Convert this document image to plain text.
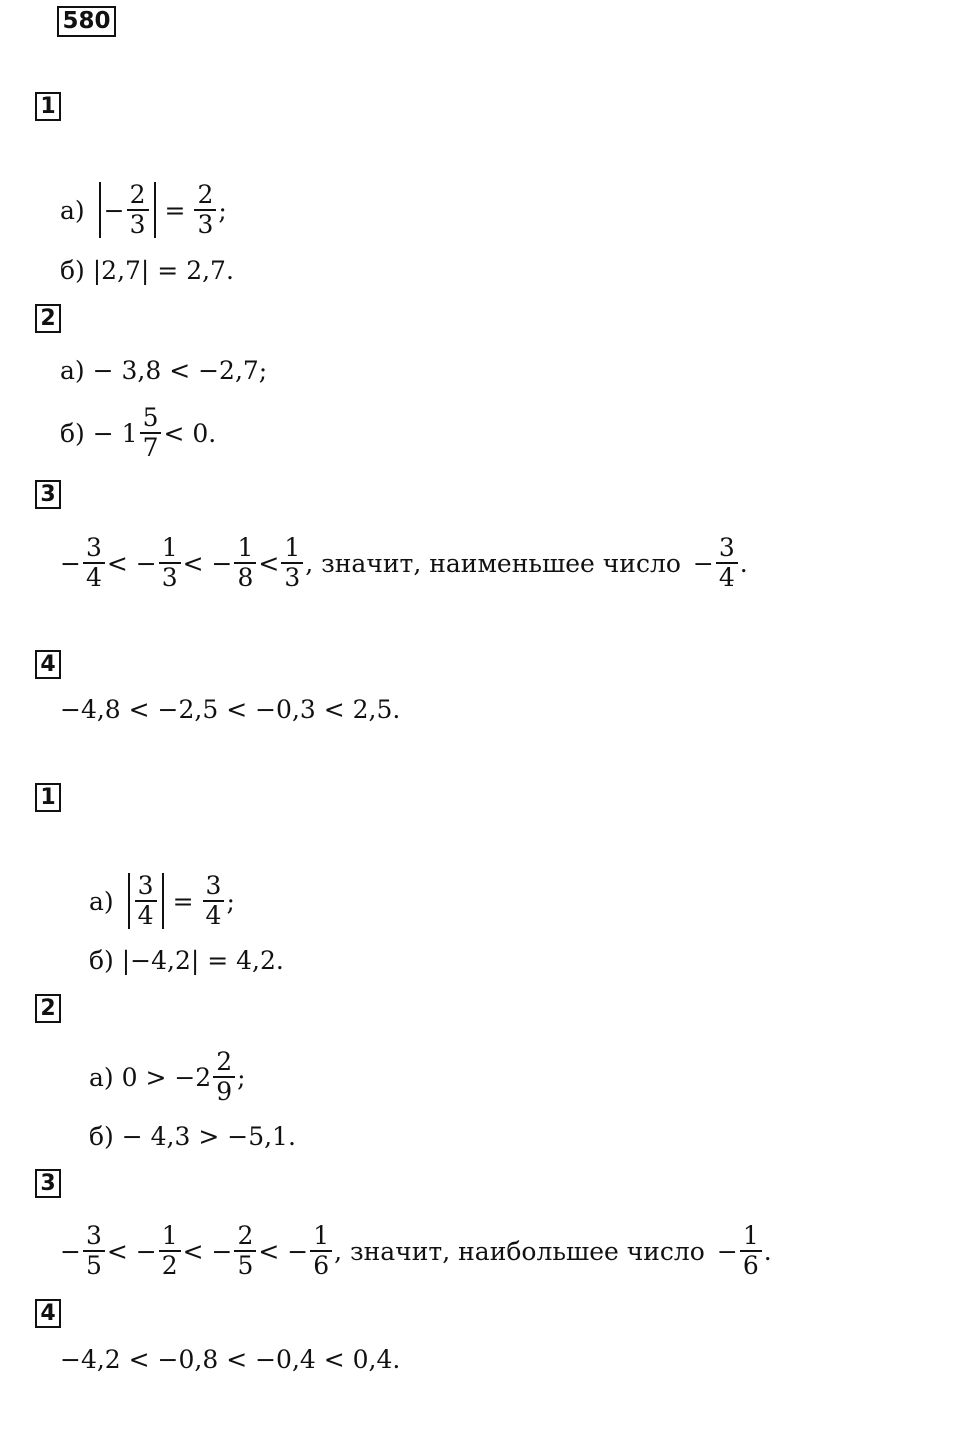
580
1
$а) - \frac{2}{3} = \frac{2}{3}$ ;
б) |2,7| = 2,7.
2
а) − 3,8 < −2,7;
$б) - 1 \frac{5}{7} < 0$.
3
− $\frac{3}{4}$ < − $\frac{1}{3}$ < − $\frac{1}{8} < \frac{1}{3}$ , значит, наименьшее число − $\frac{3}{4}$ .
4
−4,8 < −2,5 < −0,3 < 2,5.
1
$а) \frac{3}{4} = \frac{3}{4}$ ;
б) |−4,2| = 4,2.
2
а) $0 > -2 \frac{2}{9}$ ;
б) − 4,3 > −5,1.
3
− $\frac{3}{5}$ < − $\frac{1}{2}$ < − $\frac{2}{5}$ < − $\frac{1}{6}$ , значит, наибольшее число − $\frac{1}{6}$ .
4
−4,2 < −0,8 < −0,4 < 0,4.
